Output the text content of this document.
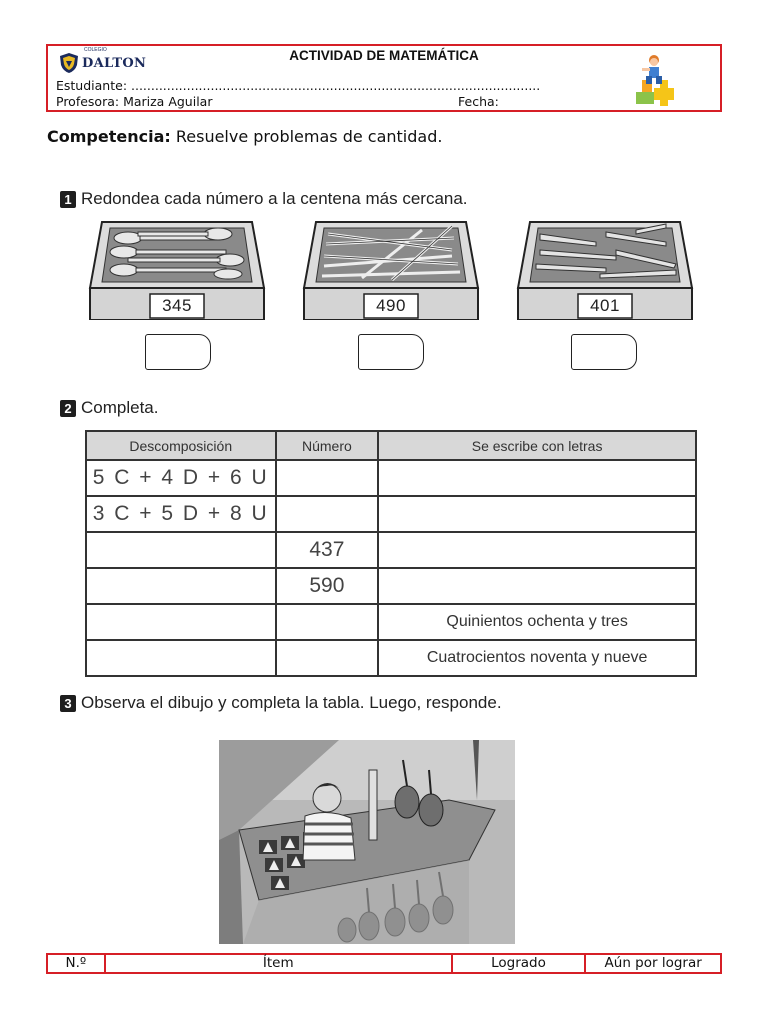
COLEGIO
DALTON	ACTIVIDAD DE MATEMÁTICA
Estudiante: .......................................................................................................
Profesora: Mariza Aguilar	Fecha:
Competencia: Resuelve problemas de cantidad.
1 Redondea cada número a la centena más cercana.
345	490	401
2 Completa.
Descomposición	Número	Se escribe con letras
5 C + 4 D + 6 U		
3 C + 5 D + 8 U		
	437	
	590	
		Quinientos ochenta y tres
		Cuatrocientos noventa y nueve
3 Observa el dibujo y completa la tabla. Luego, responde.
N.º	Ítem	Logrado	Aún por lograr
